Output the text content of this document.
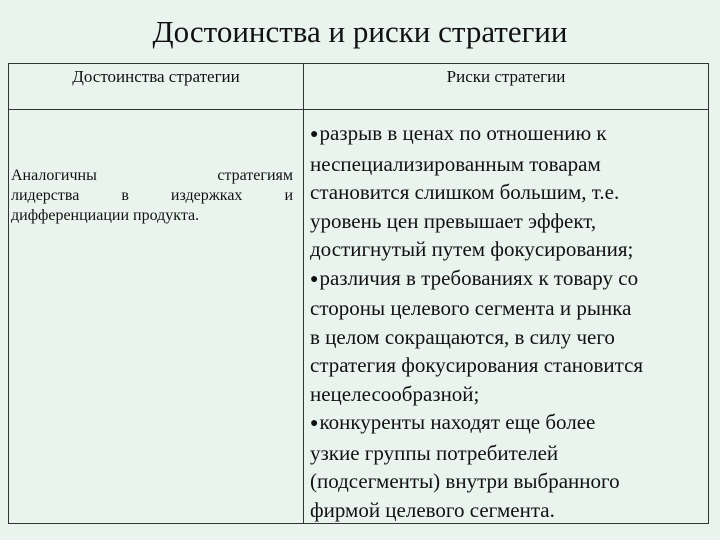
Достоинства и риски стратегии
Достоинства стратегии	Риски стратегии
Аналогичны стратегиям
лидерства в издержках и
дифференциации продукта.
●разрыв в ценах по отношению к
неспециализированным товарам
становится слишком большим, т.е.
уровень цен превышает эффект,
достигнутый путем фокусирования;
●различия в требованиях к товару со
стороны целевого сегмента и рынка
в целом сокращаются, в силу чего
стратегия фокусирования становится
нецелесообразной;
●конкуренты находят еще более
узкие группы потребителей
(подсегменты) внутри выбранного
фирмой целевого сегмента.
